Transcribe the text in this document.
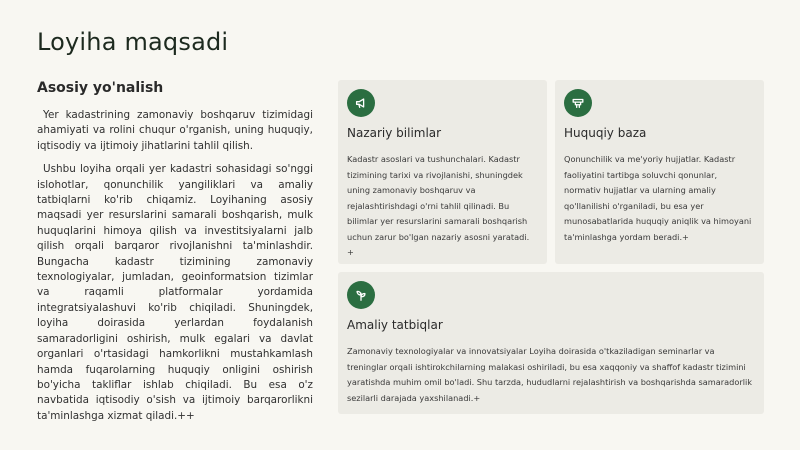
Loyiha maqsadi
Asosiy yo'nalish

Yer kadastrining zamonaviy boshqaruv tizimidagi ahamiyati va rolini chuqur o'rganish, uning huquqiy, iqtisodiy va ijtimoiy jihatlarini tahlil qilish.

Ushbu loyiha orqali yer kadastri sohasidagi so'nggi islohotlar, qonunchilik yangiliklari va amaliy tatbiqlarni ko'rib chiqamiz. Loyihaning asosiy maqsadi yer resurslarini samarali boshqarish, mulk huquqlarini himoya qilish va investitsiyalarni jalb qilish orqali barqaror rivojlanishni ta'minlashdir. Bungacha kadastr tizimining zamonaviy texnologiyalar, jumladan, geoinformatsion tizimlar va raqamli platformalar yordamida integratsiyalashuvi ko'rib chiqiladi. Shuningdek, loyiha doirasida yerlardan foydalanish samaradorligini oshirish, mulk egalari va davlat organlari o'rtasidagi hamkorlikni mustahkamlash hamda fuqarolarning huquqiy onligini oshirish bo'yicha takliflar ishlab chiqiladi. Bu esa o'z navbatida iqtisodiy o'sish va ijtimoiy barqarorlikni ta'minlashga xizmat qiladi.++

Nazariy bilimlar

Kadastr asoslari va tushunchalari. Kadastr tizimining tarixi va rivojlanishi, shuningdek uning zamonaviy boshqaruv va rejalashtirishdagi o'rni tahlil qilinadi. Bu bilimlar yer resurslarini samarali boshqarish uchun zarur bo'lgan nazariy asosni yaratadi. +

Huquqiy baza

Qonunchilik va me'yoriy hujjatlar. Kadastr faoliyatini tartibga soluvchi qonunlar, normativ hujjatlar va ularning amaliy qo'llanilishi o'rganiladi, bu esa yer munosabatlarida huquqiy aniqlik va himoyani ta'minlashga yordam beradi.+

Amaliy tatbiqlar

Zamonaviy texnologiyalar va innovatsiyalar Loyiha doirasida o'tkaziladigan seminarlar va treninglar orqali ishtirokchilarning malakasi oshiriladi, bu esa xaqqoniy va shaffof kadastr tizimini yaratishda muhim omil bo'ladi. Shu tarzda, hududlarni rejalashtirish va boshqarishda samaradorlik sezilarli darajada yaxshilanadi.+
